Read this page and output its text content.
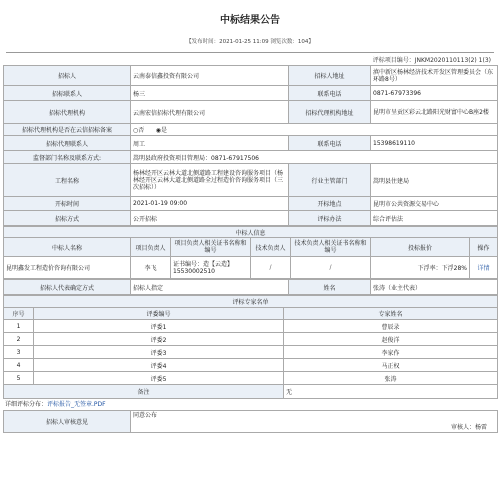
中标结果公告
【发布时间：2021-01-25 11:09 浏览次数：104】
评标项目编号：JNKM2020110113(2) 1(3)
招标人	云南泰信鑫投资有限公司	招标人地址	滇中新区杨林经济技术开发区管理委员会（东环路8号）
招标联系人	杨三	联系电话	0871-67973396
招标代理机构	云南宏信招标代理有限公司	招标代理机构地址	昆明市呈贡区彩云北路阳光财富中心B座2楼
招标代理机构是否在云信招标备案	○否 ◉是		
招标代理联系人	周工	联系电话	15398619110
监督部门名称及联系方式:	嵩明县政府投资项目管理局：0871-67917506		
工程名称	杨林经开区云林大道北侧道路工程建设咨询服务项目（杨林经开区云林大道北侧道路全过程造价咨询服务项目（三次招标））	行业主管部门	嵩明县住建局
开标时间	2021-01-19 09:00	开标地点	昆明市公共资源交易中心
招标方式	公开招标	评标办法	综合评估法
中标人信息						
中标人名称	项目负责人	项目负责人相关证书名称和编号	技术负责人	技术负责人相关证书名称和编号	投标报价	操作
昆明鑫发工程造价咨询有限公司	李飞	证书编号：造【云造】 15530002510	/	/	下浮率：下浮28%	详情
招标人代表确定方式	招标人指定	姓名	张涛（业主代表）
评标专家名单		
序号	评委编号	专家姓名
1	评委1	曹辰录
2	评委2	赵俊洋
3	评委3	李家作
4	评委4	马正权
5	评委5	张涛
备注		无
详细评标分布：评标报告_无签章.PDF
招标人审核意见	
同意公布
审核人：杨雷
